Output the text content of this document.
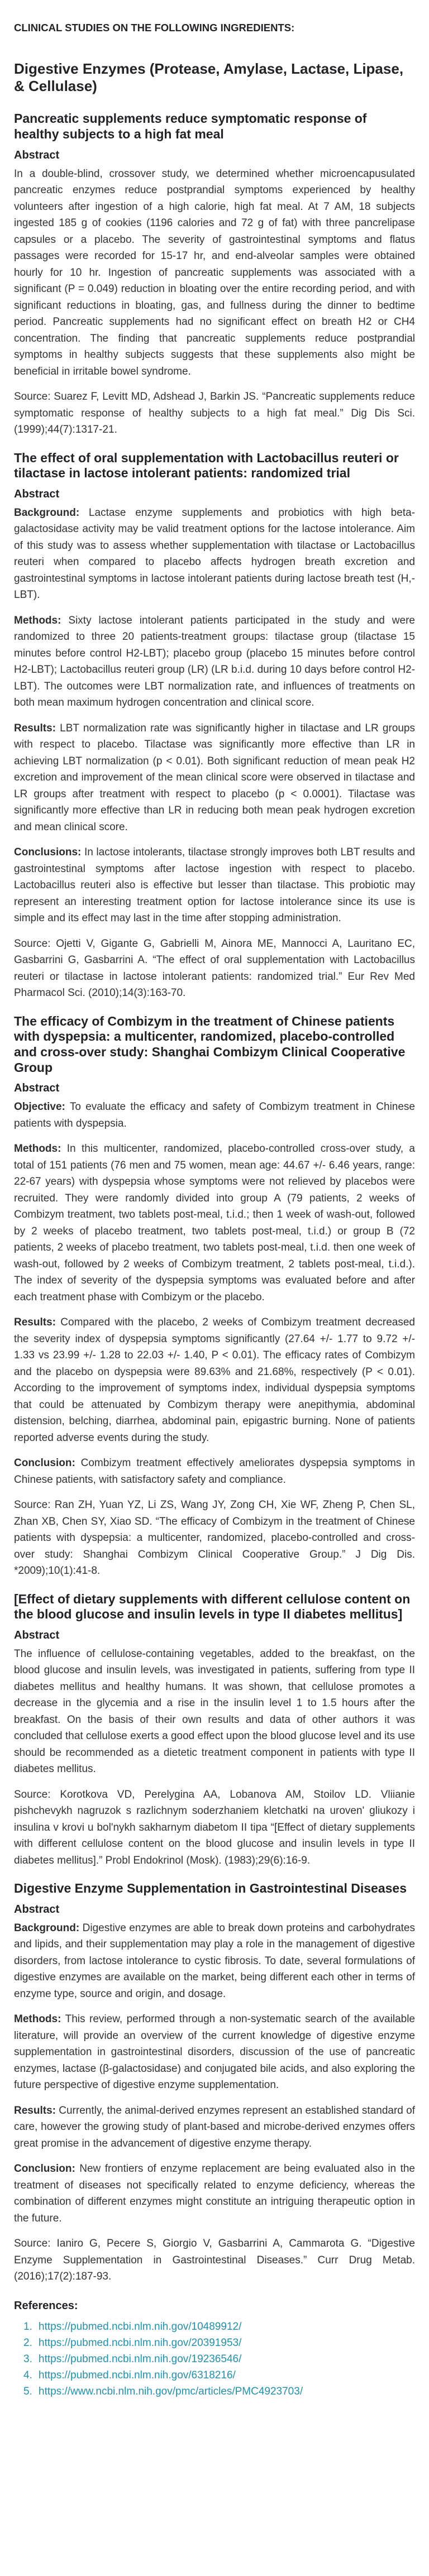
CLINICAL STUDIES ON THE FOLLOWING INGREDIENTS:
Digestive Enzymes (Protease, Amylase, Lactase, Lipase, & Cellulase)
Pancreatic supplements reduce symptomatic response of healthy subjects to a high fat meal

Abstract

In a double-blind, crossover study, we determined whether microencapusulated pancreatic enzymes reduce postprandial symptoms experienced by healthy volunteers after ingestion of a high calorie, high fat meal. At 7 AM, 18 subjects ingested 185 g of cookies (1196 calories and 72 g of fat) with three pancrelipase capsules or a placebo. The severity of gastrointestinal symptoms and flatus passages were recorded for 15-17 hr, and end-alveolar samples were obtained hourly for 10 hr. Ingestion of pancreatic supplements was associated with a significant (P = 0.049) reduction in bloating over the entire recording period, and with significant reductions in bloating, gas, and fullness during the dinner to bedtime period. Pancreatic supplements had no significant effect on breath H2 or CH4 concentration. The finding that pancreatic supplements reduce postprandial symptoms in healthy subjects suggests that these supplements also might be beneficial in irritable bowel syndrome.

Source: Suarez F, Levitt MD, Adshead J, Barkin JS. “Pancreatic supplements reduce symptomatic response of healthy subjects to a high fat meal.” Dig Dis Sci. (1999);44(7):1317-21.

The effect of oral supplementation with Lactobacillus reuteri or tilactase in lactose intolerant patients: randomized trial

Abstract

Background: Lactase enzyme supplements and probiotics with high beta-galactosidase activity may be valid treatment options for the lactose intolerance. Aim of this study was to assess whether supplementation with tilactase or Lactobacillus reuteri when compared to placebo affects hydrogen breath excretion and gastrointestinal symptoms in lactose intolerant patients during lactose breath test (H,-LBT).

Methods: Sixty lactose intolerant patients participated in the study and were randomized to three 20 patients-treatment groups: tilactase group (tilactase 15 minutes before control H2-LBT); placebo group (placebo 15 minutes before control H2-LBT); Lactobacillus reuteri group (LR) (LR b.i.d. during 10 days before control H2-LBT). The outcomes were LBT normalization rate, and influences of treatments on both mean maximum hydrogen concentration and clinical score.

Results: LBT normalization rate was significantly higher in tilactase and LR groups with respect to placebo. Tilactase was significantly more effective than LR in achieving LBT normalization (p < 0.01). Both significant reduction of mean peak H2 excretion and improvement of the mean clinical score were observed in tilactase and LR groups after treatment with respect to placebo (p < 0.0001). Tilactase was significantly more effective than LR in reducing both mean peak hydrogen excretion and mean clinical score.

Conclusions: In lactose intolerants, tilactase strongly improves both LBT results and gastrointestinal symptoms after lactose ingestion with respect to placebo. Lactobacillus reuteri also is effective but lesser than tilactase. This probiotic may represent an interesting treatment option for lactose intolerance since its use is simple and its effect may last in the time after stopping administration.

Source: Ojetti V, Gigante G, Gabrielli M, Ainora ME, Mannocci A, Lauritano EC, Gasbarrini G, Gasbarrini A. “The effect of oral supplementation with Lactobacillus reuteri or tilactase in lactose intolerant patients: randomized trial.” Eur Rev Med Pharmacol Sci. (2010);14(3):163-70.

The efficacy of Combizym in the treatment of Chinese patients with dyspepsia: a multicenter, randomized, placebo-controlled and cross-over study: Shanghai Combizym Clinical Cooperative Group

Abstract

Objective: To evaluate the efficacy and safety of Combizym treatment in Chinese patients with dyspepsia.

Methods: In this multicenter, randomized, placebo-controlled cross-over study, a total of 151 patients (76 men and 75 women, mean age: 44.67 +/- 6.46 years, range: 22-67 years) with dyspepsia whose symptoms were not relieved by placebos were recruited. They were randomly divided into group A (79 patients, 2 weeks of Combizym treatment, two tablets post-meal, t.i.d.; then 1 week of wash-out, followed by 2 weeks of placebo treatment, two tablets post-meal, t.i.d.) or group B (72 patients, 2 weeks of placebo treatment, two tablets post-meal, t.i.d. then one week of wash-out, followed by 2 weeks of Combizym treatment, 2 tablets post-meal, t.i.d.). The index of severity of the dyspepsia symptoms was evaluated before and after each treatment phase with Combizym or the placebo.

Results: Compared with the placebo, 2 weeks of Combizym treatment decreased the severity index of dyspepsia symptoms significantly (27.64 +/- 1.77 to 9.72 +/- 1.33 vs 23.99 +/- 1.28 to 22.03 +/- 1.40, P < 0.01). The efficacy rates of Combizym and the placebo on dyspepsia were 89.63% and 21.68%, respectively (P < 0.01). According to the improvement of symptoms index, individual dyspepsia symptoms that could be attenuated by Combizym therapy were anepithymia, abdominal distension, belching, diarrhea, abdominal pain, epigastric burning. None of patients reported adverse events during the study.

Conclusion: Combizym treatment effectively ameliorates dyspepsia symptoms in Chinese patients, with satisfactory safety and compliance.

Source: Ran ZH, Yuan YZ, Li ZS, Wang JY, Zong CH, Xie WF, Zheng P, Chen SL, Zhan XB, Chen SY, Xiao SD. “The efficacy of Combizym in the treatment of Chinese patients with dyspepsia: a multicenter, randomized, placebo-controlled and cross-over study: Shanghai Combizym Clinical Cooperative Group.” J Dig Dis. *2009);10(1):41-8.

[Effect of dietary supplements with different cellulose content on the blood glucose and insulin levels in type II diabetes mellitus]

Abstract

The influence of cellulose-containing vegetables, added to the breakfast, on the blood glucose and insulin levels, was investigated in patients, suffering from type II diabetes mellitus and healthy humans. It was shown, that cellulose promotes a decrease in the glycemia and a rise in the insulin level 1 to 1.5 hours after the breakfast. On the basis of their own results and data of other authors it was concluded that cellulose exerts a good effect upon the blood glucose level and its use should be recommended as a dietetic treatment component in patients with type II diabetes mellitus.

Source: Korotkova VD, Perelygina AA, Lobanova AM, Stoilov LD. Vliianie pishchevykh nagruzok s razlichnym soderzhaniem kletchatki na uroven' gliukozy i insulina v krovi u bol'nykh sakharnym diabetom II tipa “[Effect of dietary supplements with different cellulose content on the blood glucose and insulin levels in type II diabetes mellitus].” Probl Endokrinol (Mosk). (1983);29(6):16-9.

Digestive Enzyme Supplementation in Gastrointestinal Diseases

Abstract

Background: Digestive enzymes are able to break down proteins and carbohydrates and lipids, and their supplementation may play a role in the management of digestive disorders, from lactose intolerance to cystic fibrosis. To date, several formulations of digestive enzymes are available on the market, being different each other in terms of enzyme type, source and origin, and dosage.

Methods: This review, performed through a non-systematic search of the available literature, will provide an overview of the current knowledge of digestive enzyme supplementation in gastrointestinal disorders, discussion of the use of pancreatic enzymes, lactase (β-galactosidase) and conjugated bile acids, and also exploring the future perspective of digestive enzyme supplementation.

Results: Currently, the animal-derived enzymes represent an established standard of care, however the growing study of plant-based and microbe-derived enzymes offers great promise in the advancement of digestive enzyme therapy.

Conclusion: New frontiers of enzyme replacement are being evaluated also in the treatment of diseases not specifically related to enzyme deficiency, whereas the combination of different enzymes might constitute an intriguing therapeutic option in the future.

Source: Ianiro G, Pecere S, Giorgio V, Gasbarrini A, Cammarota G. “Digestive Enzyme Supplementation in Gastrointestinal Diseases.” Curr Drug Metab. (2016);17(2):187-93.

References:

1. https://pubmed.ncbi.nlm.nih.gov/10489912/
2. https://pubmed.ncbi.nlm.nih.gov/20391953/
3. https://pubmed.ncbi.nlm.nih.gov/19236546/
4. https://pubmed.ncbi.nlm.nih.gov/6318216/
5. https://www.ncbi.nlm.nih.gov/pmc/articles/PMC4923703/
